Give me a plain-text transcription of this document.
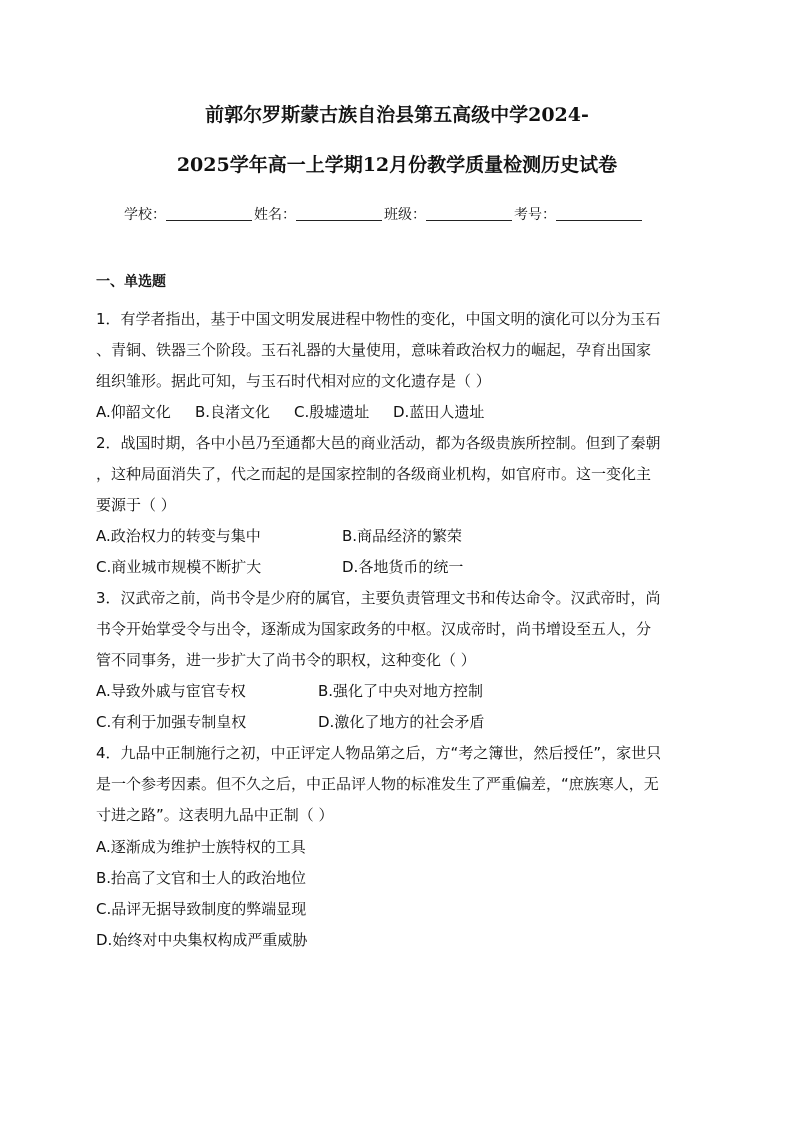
前郭尔罗斯蒙古族自治县第五高级中学2024-
2025学年高一上学期12月份教学质量检测历史试卷
学校：	姓名：	班级：	考号：
一、单选题
1．有学者指出，基于中国文明发展进程中物性的变化，中国文明的演化可以分为玉石
、青铜、铁器三个阶段。玉石礼器的大量使用，意味着政治权力的崛起，孕育出国家
组织雏形。据此可知，与玉石时代相对应的文化遗存是（ ）
A.仰韶文化 B.良渚文化 C.殷墟遗址 D.蓝田人遗址
2．战国时期，各中小邑乃至通都大邑的商业活动，都为各级贵族所控制。但到了秦朝
，这种局面消失了，代之而起的是国家控制的各级商业机构，如官府市。这一变化主
要源于（ ）
A.政治权力的转变与集中	B.商品经济的繁荣
C.商业城市规模不断扩大	D.各地货币的统一
3．汉武帝之前，尚书令是少府的属官，主要负责管理文书和传达命令。汉武帝时，尚
书令开始掌受令与出令，逐渐成为国家政务的中枢。汉成帝时，尚书增设至五人，分
管不同事务，进一步扩大了尚书令的职权，这种变化（ ）
A.导致外戚与宦官专权	B.强化了中央对地方控制
C.有利于加强专制皇权	D.激化了地方的社会矛盾
4．九品中正制施行之初，中正评定人物品第之后，方“考之簿世，然后授任”，家世只
是一个参考因素。但不久之后，中正品评人物的标准发生了严重偏差，“庶族寒人，无
寸进之路”。这表明九品中正制（ ）
A.逐渐成为维护士族特权的工具
B.抬高了文官和士人的政治地位
C.品评无据导致制度的弊端显现
D.始终对中央集权构成严重威胁
